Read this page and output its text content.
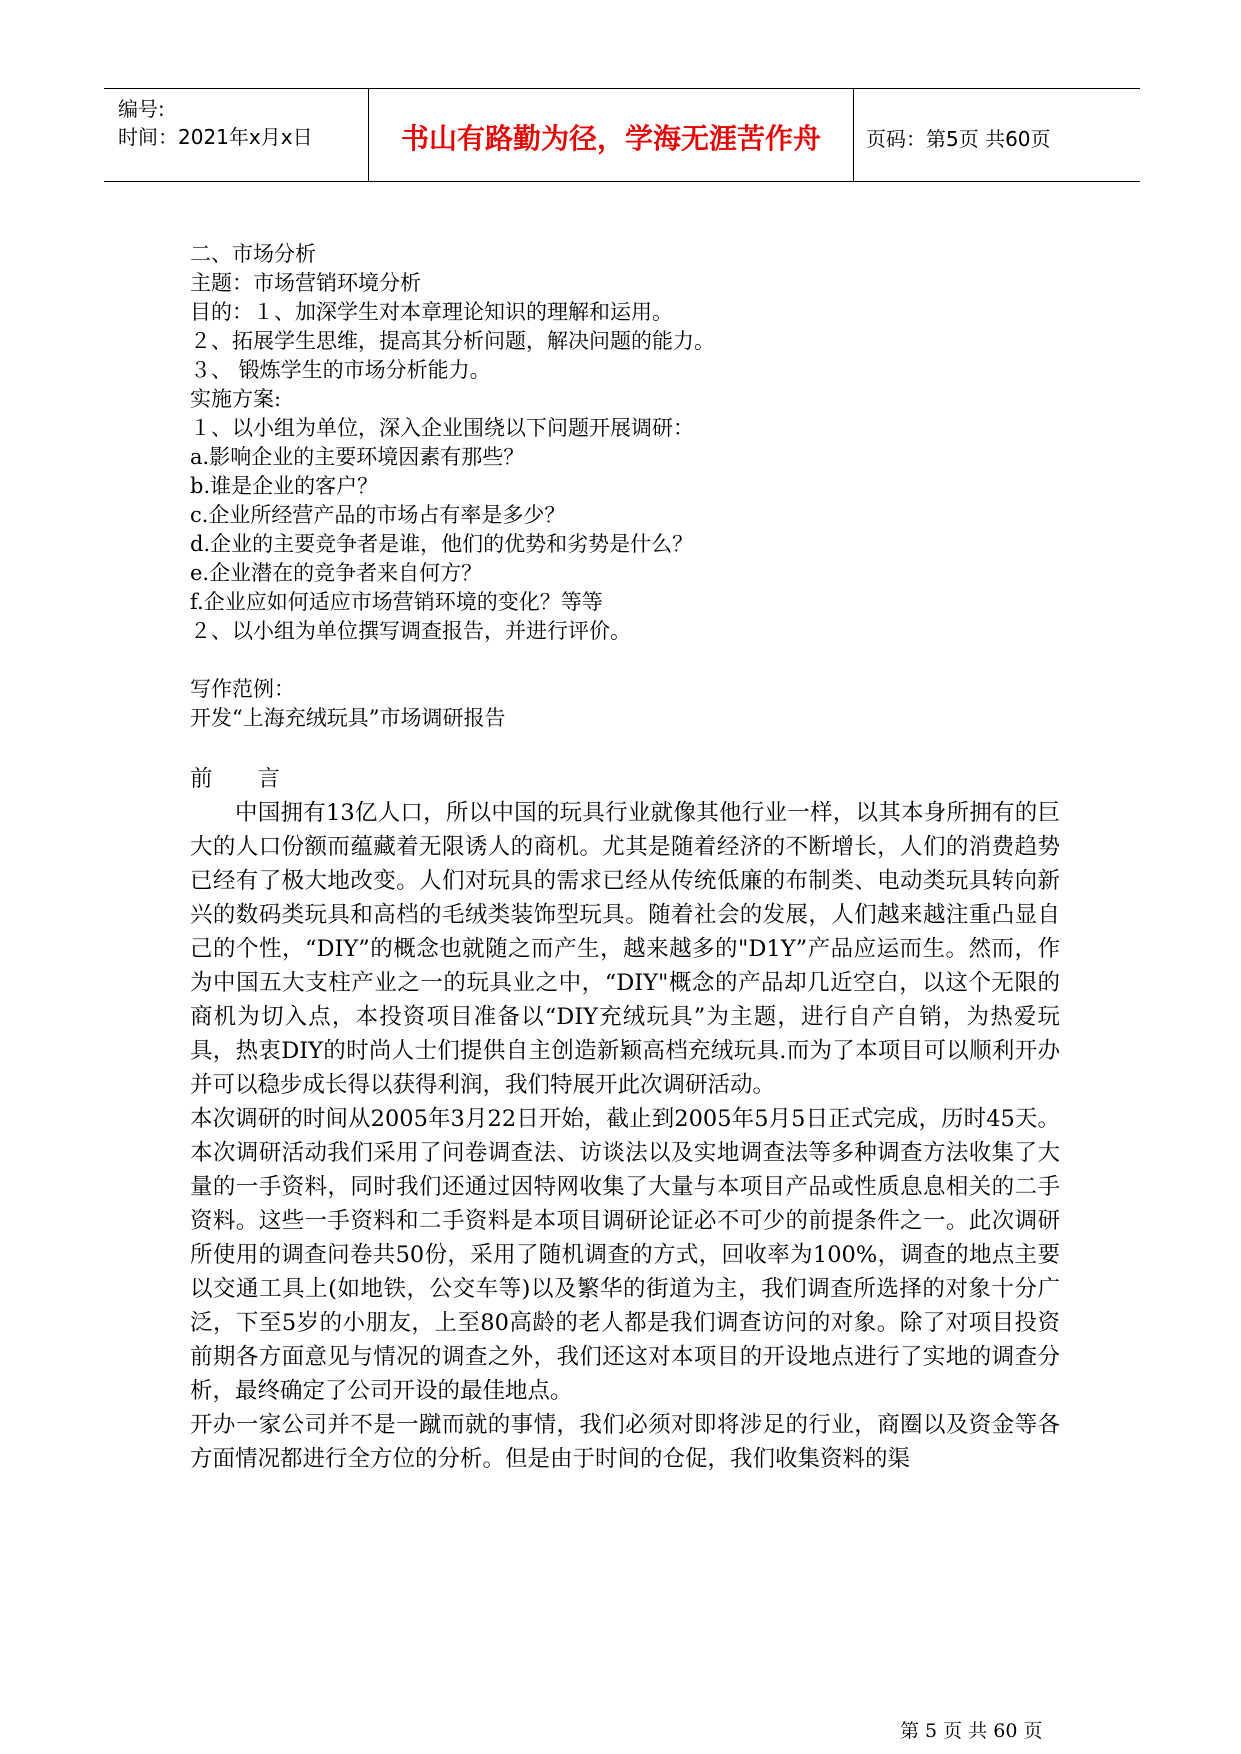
编号:
时间：2021年x月x日	书山有路勤为径，学海无涯苦作舟	页码：第5页 共60页
二、市场分析
主题：市场营销环境分析
目的：１、加深学生对本章理论知识的理解和运用。
２、拓展学生思维，提高其分析问题，解决问题的能力。
３、 锻炼学生的市场分析能力。
实施方案:
１、以小组为单位，深入企业围绕以下问题开展调研：
a.影响企业的主要环境因素有那些？
b.谁是企业的客户？
c.企业所经营产品的市场占有率是多少？
d.企业的主要竞争者是谁，他们的优势和劣势是什么？
e.企业潜在的竞争者来自何方？
f.企业应如何适应市场营销环境的变化？等等
２、以小组为单位撰写调查报告，并进行评价。
写作范例：
开发“上海充绒玩具”市场调研报告
前　　言

中国拥有13亿人口，所以中国的玩具行业就像其他行业一样，以其本身所拥有的巨大的人口份额而蕴藏着无限诱人的商机。尤其是随着经济的不断增长，人们的消费趋势已经有了极大地改变。人们对玩具的需求已经从传统低廉的布制类、电动类玩具转向新兴的数码类玩具和高档的毛绒类装饰型玩具。随着社会的发展，人们越来越注重凸显自己的个性，“DIY”的概念也就随之而产生，越来越多的"D1Y”产品应运而生。然而，作为中国五大支柱产业之一的玩具业之中，“DIY"概念的产品却几近空白，以这个无限的商机为切入点，本投资项目准备以“DIY充绒玩具”为主题，进行自产自销，为热爱玩具，热衷DIY的时尚人士们提供自主创造新颖高档充绒玩具.而为了本项目可以顺利开办并可以稳步成长得以获得利润，我们特展开此次调研活动。

本次调研的时间从2005年3月22日开始，截止到2005年5月5日正式完成，历时45天。本次调研活动我们采用了问卷调查法、访谈法以及实地调查法等多种调查方法收集了大量的一手资料，同时我们还通过因特网收集了大量与本项目产品或性质息息相关的二手资料。这些一手资料和二手资料是本项目调研论证必不可少的前提条件之一。此次调研所使用的调查问卷共50份，采用了随机调查的方式，回收率为100%，调查的地点主要以交通工具上(如地铁，公交车等)以及繁华的街道为主，我们调查所选择的对象十分广泛，下至5岁的小朋友，上至80高龄的老人都是我们调查访问的对象。除了对项目投资前期各方面意见与情况的调查之外，我们还这对本项目的开设地点进行了实地的调查分析，最终确定了公司开设的最佳地点。

开办一家公司并不是一蹴而就的事情，我们必须对即将涉足的行业，商圈以及资金等各方面情况都进行全方位的分析。但是由于时间的仓促，我们收集资料的渠

第 5 页 共 60 页
